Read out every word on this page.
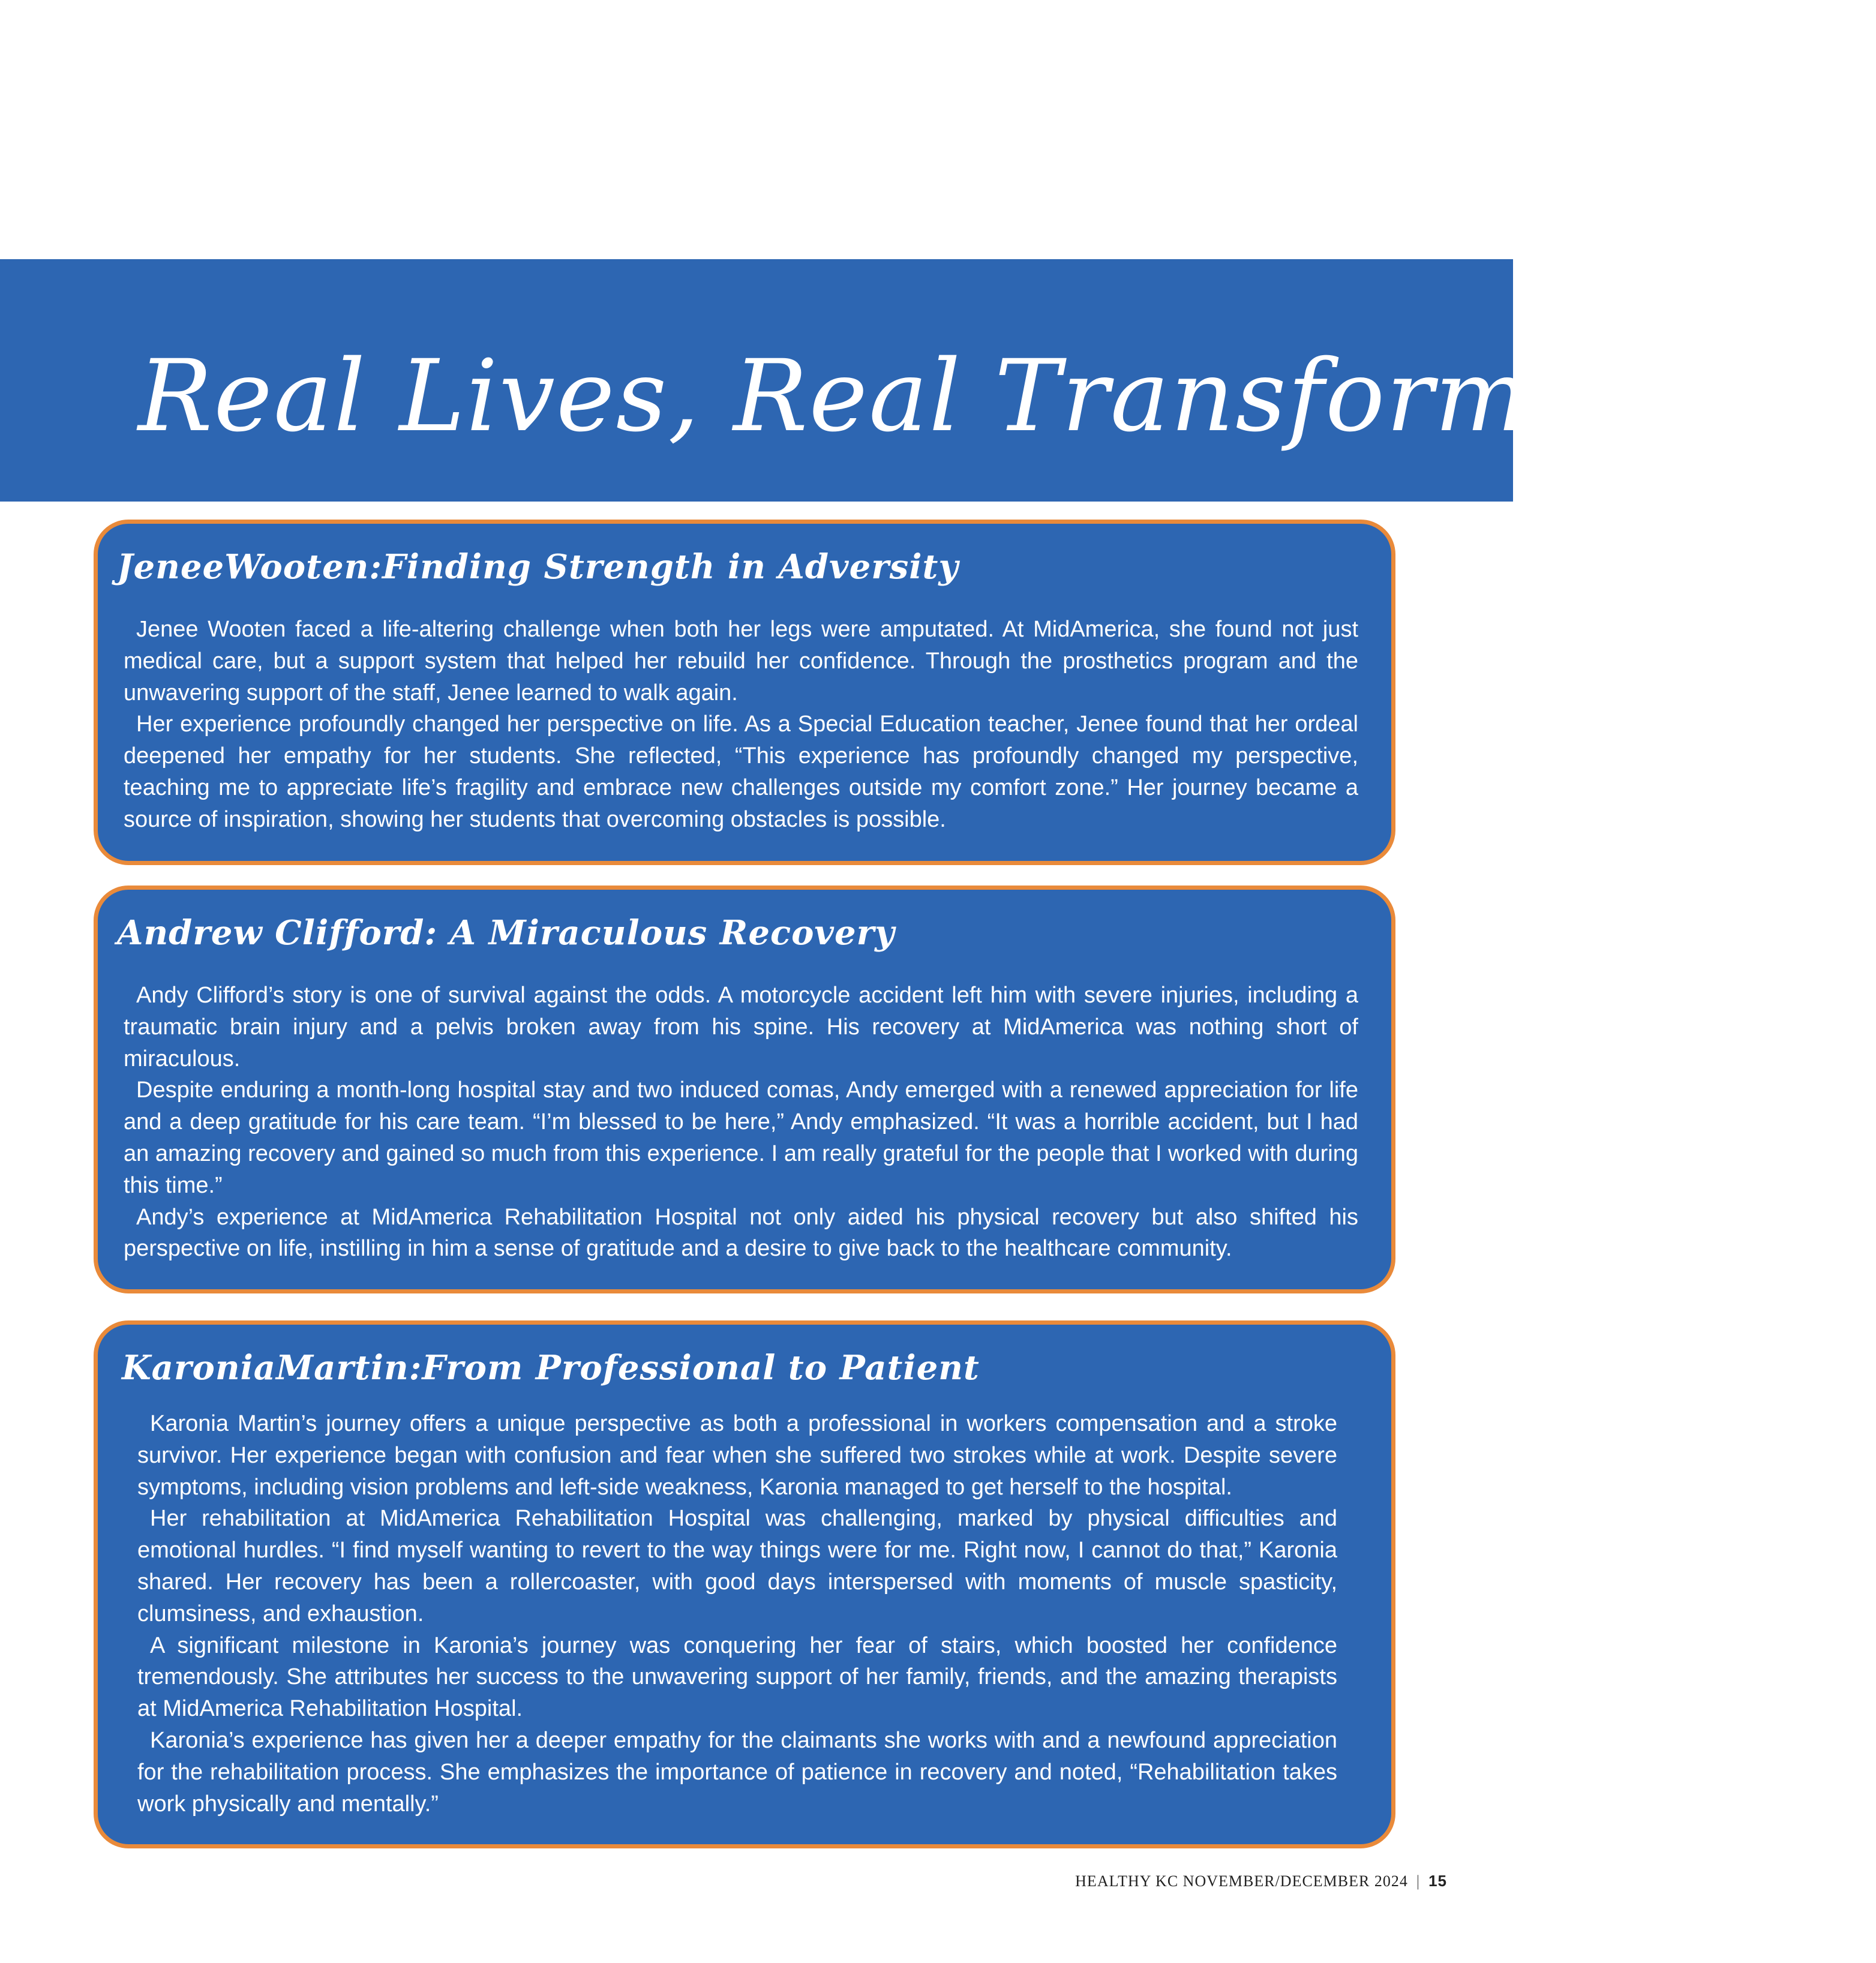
Real Lives, Real Transformations:
JeneeWooten:Finding Strength in Adversity

Jenee Wooten faced a life-altering challenge when both her legs were amputated. At MidAmerica, she found not just medical care, but a support system that helped her rebuild her confidence. Through the prosthetics program and the unwavering support of the staff, Jenee learned to walk again.

Her experience profoundly changed her perspective on life. As a Special Education teacher, Jenee found that her ordeal deepened her empathy for her students. She reflected, “This experience has profoundly changed my perspective, teaching me to appreciate life’s fragility and embrace new challenges outside my comfort zone.” Her journey became a source of inspiration, showing her students that overcoming obstacles is possible.

Andrew Clifford: A Miraculous Recovery

Andy Clifford’s story is one of survival against the odds. A motorcycle accident left him with severe injuries, including a traumatic brain injury and a pelvis broken away from his spine. His recovery at MidAmerica was nothing short of miraculous.

Despite enduring a month-long hospital stay and two induced comas, Andy emerged with a renewed appreciation for life and a deep gratitude for his care team. “I’m blessed to be here,” Andy emphasized. “It was a horrible accident, but I had an amazing recovery and gained so much from this experience. I am really grateful for the people that I worked with during this time.”

Andy’s experience at MidAmerica Rehabilitation Hospital not only aided his physical recovery but also shifted his perspective on life, instilling in him a sense of gratitude and a desire to give back to the healthcare community.

KaroniaMartin:From Professional to Patient

Karonia Martin’s journey offers a unique perspective as both a professional in workers compensation and a stroke survivor. Her experience began with confusion and fear when she suffered two strokes while at work. Despite severe symptoms, including vision problems and left-side weakness, Karonia managed to get herself to the hospital.

Her rehabilitation at MidAmerica Rehabilitation Hospital was challenging, marked by physical difficulties and emotional hurdles. “I find myself wanting to revert to the way things were for me. Right now, I cannot do that,” Karonia shared. Her recovery has been a rollercoaster, with good days interspersed with moments of muscle spasticity, clumsiness, and exhaustion.

A significant milestone in Karonia’s journey was conquering her fear of stairs, which boosted her confidence tremendously. She attributes her success to the unwavering support of her family, friends, and the amazing therapists at MidAmerica Rehabilitation Hospital.

Karonia’s experience has given her a deeper empathy for the claimants she works with and a newfound appreciation for the rehabilitation process. She emphasizes the importance of patience in recovery and noted, “Rehabilitation takes work physically and mentally.”

HEALTHY KC NOVEMBER/DECEMBER 2024 | 15
